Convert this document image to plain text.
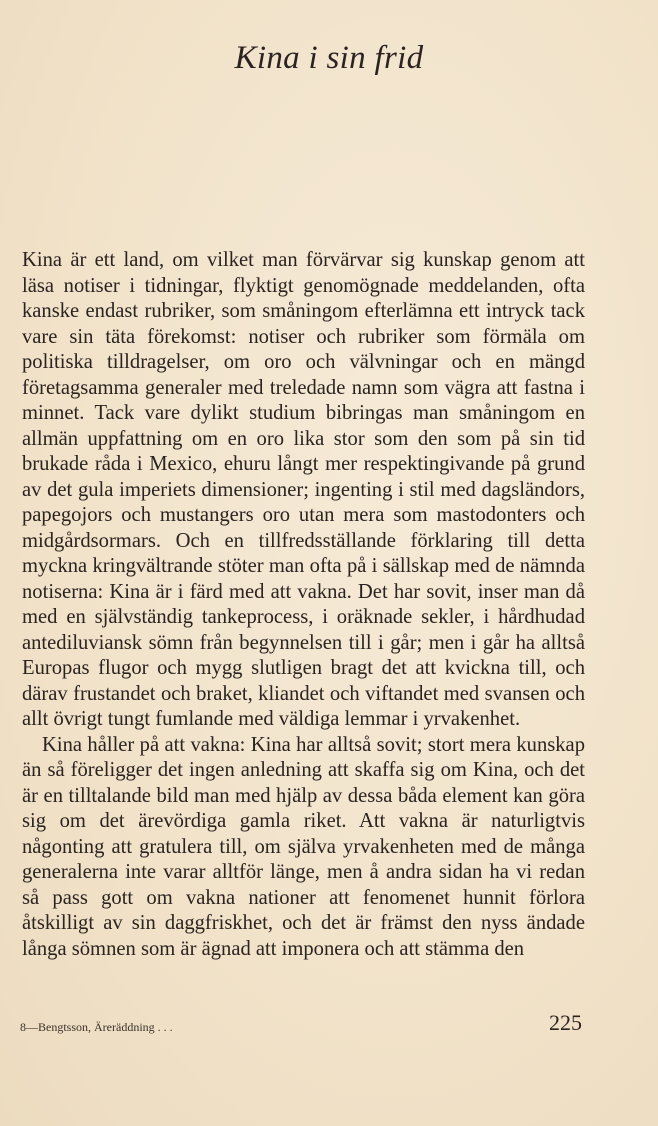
Kina i sin frid

Kina är ett land, om vilket man förvärvar sig kunskap genom att läsa notiser i tidningar, flyktigt genomögnade meddelanden, ofta kanske endast rubriker, som småningom efterlämna ett intryck tack vare sin täta förekomst: notiser och rubriker som förmäla om politiska tilldragelser, om oro och välvningar och en mängd företagsamma generaler med treledade namn som vägra att fastna i minnet. Tack vare dylikt studium bibringas man småningom en allmän uppfattning om en oro lika stor som den som på sin tid brukade råda i Mexico, ehuru långt mer respektingivande på grund av det gula imperiets dimensioner; ingenting i stil med dagsländors, papegojors och mustangers oro utan mera som mastodonters och midgårdsormars. Och en tillfredsställande förklaring till detta myckna kringvältrande stöter man ofta på i sällskap med de nämnda notiserna: Kina är i färd med att vakna. Det har sovit, inser man då med en självständig tankeprocess, i oräknade sekler, i hårdhudad antediluviansk sömn från begynnelsen till i går; men i går ha alltså Europas flugor och mygg slutligen bragt det att kvickna till, och därav frustandet och braket, kliandet och viftandet med svansen och allt övrigt tungt fumlande med väldiga lemmar i yrvakenhet.

Kina håller på att vakna: Kina har alltså sovit; stort mera kunskap än så föreligger det ingen anledning att skaffa sig om Kina, och det är en tilltalande bild man med hjälp av dessa båda element kan göra sig om det ärevördiga gamla riket. Att vakna är naturligtvis någonting att gratulera till, om själva yrvakenheten med de många generalerna inte varar alltför länge, men å andra sidan ha vi redan så pass gott om vakna nationer att fenomenet hunnit förlora åtskilligt av sin daggfriskhet, och det är främst den nyss ändade långa sömnen som är ägnad att imponera och att stämma den

8—Bengtsson, Äreräddning . . .	225
